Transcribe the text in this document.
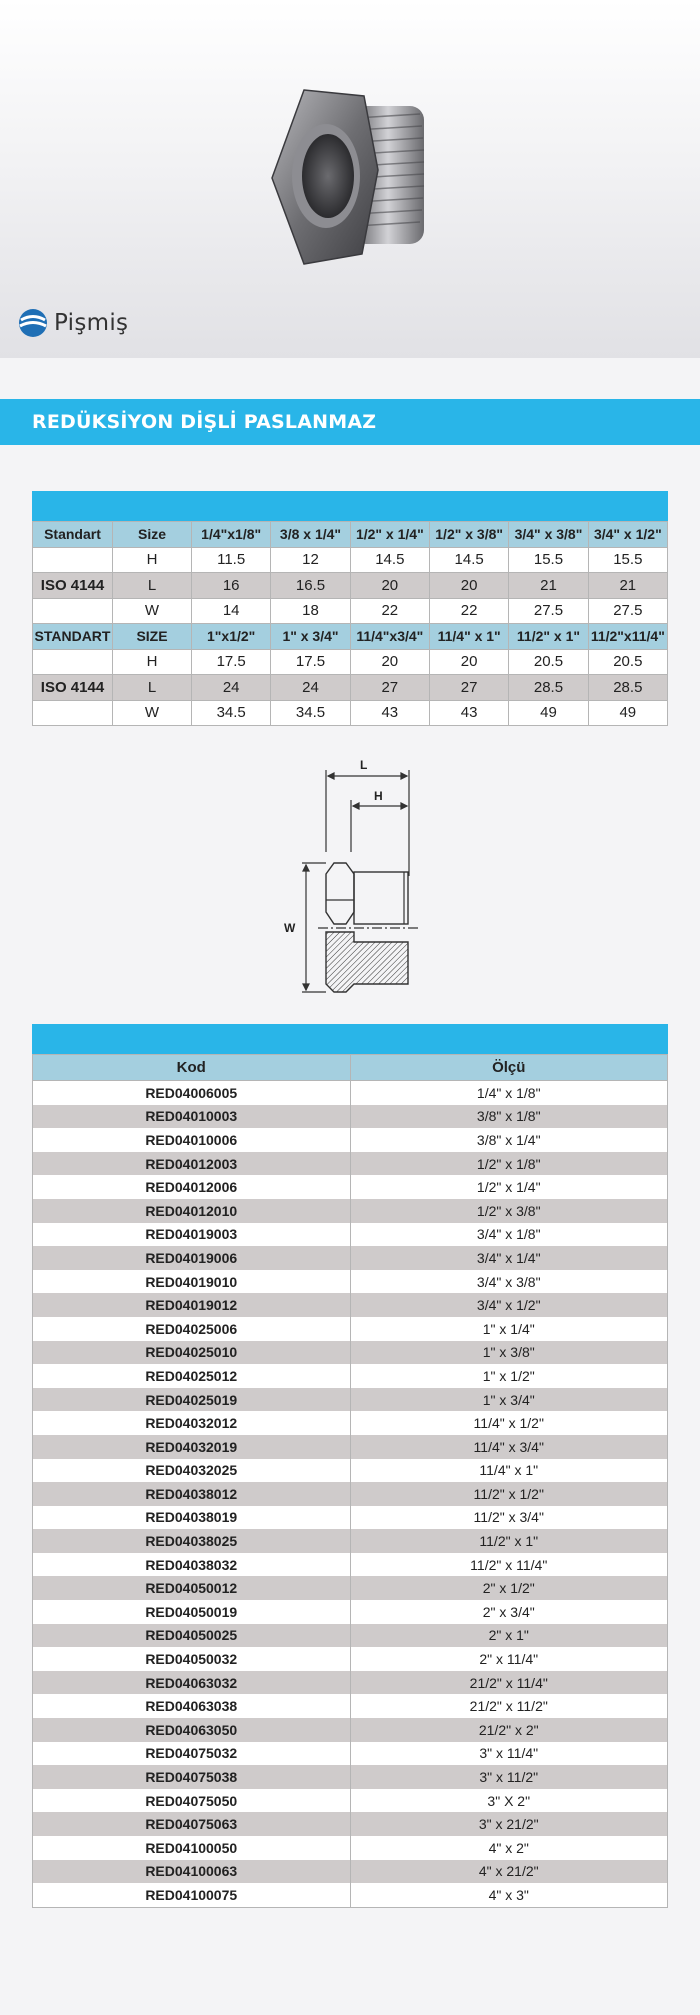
Pişmiş
REDÜKSİYON DİŞLİ PASLANMAZ
Standart	Size	1/4"x1/8"	3/8 x 1/4"	1/2" x 1/4"	1/2" x 3/8"	3/4" x 3/8"	3/4" x 1/2"
	H	11.5	12	14.5	14.5	15.5	15.5
ISO 4144	L	16	16.5	20	20	21	21
	W	14	18	22	22	27.5	27.5
STANDART	SIZE	1"x1/2"	1" x 3/4"	11/4"x3/4"	11/4" x 1"	11/2" x 1"	11/2"x11/4"
	H	17.5	17.5	20	20	20.5	20.5
ISO 4144	L	24	24	27	27	28.5	28.5
	W	34.5	34.5	43	43	49	49
L
H
W
Kod	Ölçü
RED04006005	1/4" x 1/8"
RED04010003	3/8" x 1/8"
RED04010006	3/8" x 1/4"
RED04012003	1/2" x 1/8"
RED04012006	1/2" x 1/4"
RED04012010	1/2" x 3/8"
RED04019003	3/4" x 1/8"
RED04019006	3/4" x 1/4"
RED04019010	3/4" x 3/8"
RED04019012	3/4" x 1/2"
RED04025006	1" x 1/4"
RED04025010	1" x 3/8"
RED04025012	1" x 1/2"
RED04025019	1" x 3/4"
RED04032012	11/4" x 1/2"
RED04032019	11/4" x 3/4"
RED04032025	11/4" x 1"
RED04038012	11/2" x 1/2"
RED04038019	11/2" x 3/4"
RED04038025	11/2" x 1"
RED04038032	11/2" x 11/4"
RED04050012	2" x 1/2"
RED04050019	2" x 3/4"
RED04050025	2" x 1"
RED04050032	2" x 11/4"
RED04063032	21/2" x 11/4"
RED04063038	21/2" x 11/2"
RED04063050	21/2" x 2"
RED04075032	3" x 11/4"
RED04075038	3" x 11/2"
RED04075050	3" X 2"
RED04075063	3" x 21/2"
RED04100050	4" x 2"
RED04100063	4" x 21/2"
RED04100075	4" x 3"
